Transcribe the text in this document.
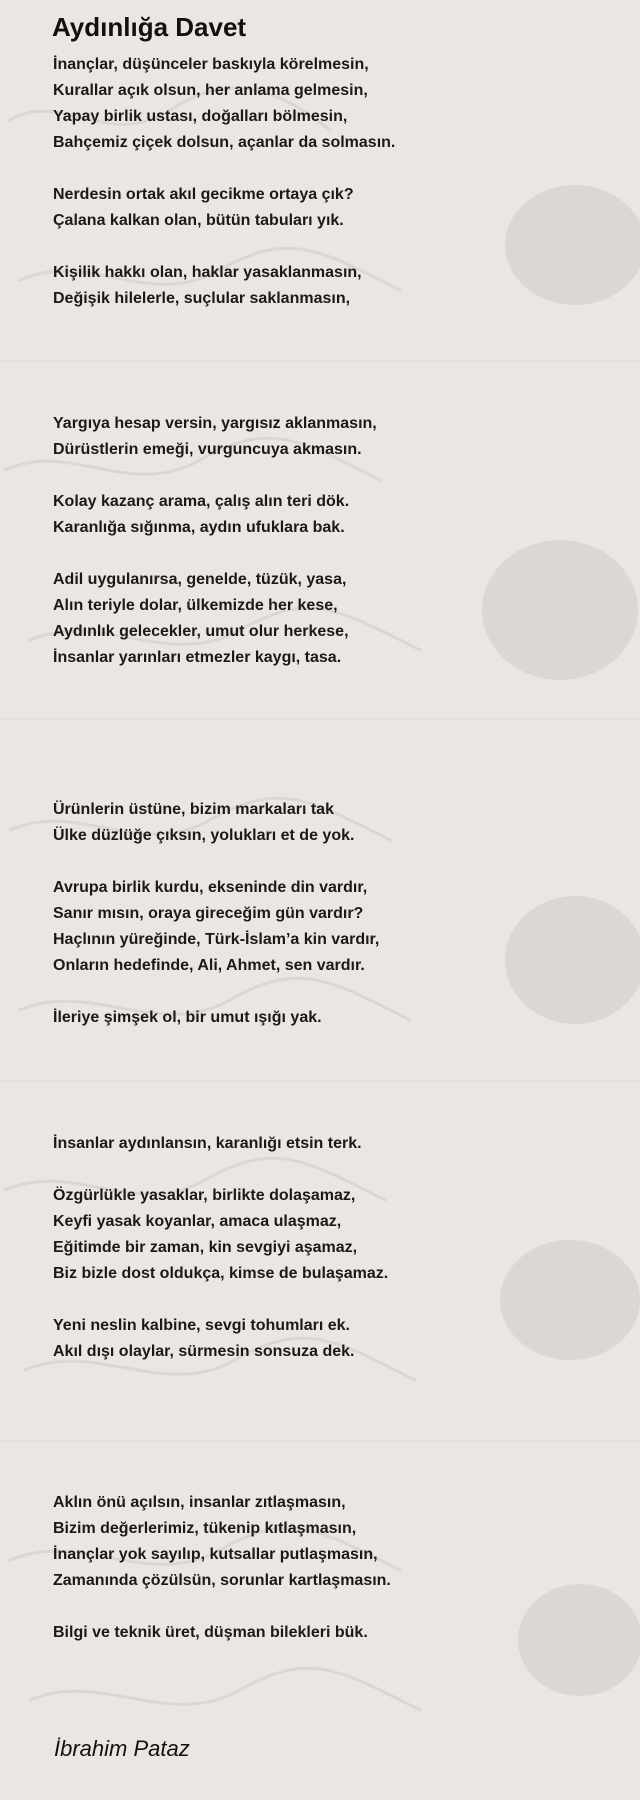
Aydınlığa Davet
İnançlar, düşünceler baskıyla körelmesin,
Kurallar açık olsun, her anlama gelmesin,
Yapay birlik ustası, doğalları bölmesin,
Bahçemiz çiçek dolsun, açanlar da solmasın.
Nerdesin ortak akıl gecikme ortaya çık?
Çalana kalkan olan, bütün tabuları yık.
Kişilik hakkı olan, haklar yasaklanmasın,
Değişik hilelerle, suçlular saklanmasın,
Yargıya hesap versin, yargısız aklanmasın,
Dürüstlerin emeği, vurguncuya akmasın.
Kolay kazanç arama, çalış alın teri dök.
Karanlığa sığınma, aydın ufuklara bak.
Adil uygulanırsa, genelde, tüzük, yasa,
Alın teriyle dolar, ülkemizde her kese,
Aydınlık gelecekler, umut olur herkese,
İnsanlar yarınları etmezler kaygı, tasa.
Ürünlerin üstüne, bizim markaları tak
Ülke düzlüğe çıksın, yolukları et de yok.
Avrupa birlik kurdu, ekseninde din vardır,
Sanır mısın, oraya gireceğim gün vardır?
Haçlının yüreğinde, Türk-İslam’a kin vardır,
Onların hedefinde, Ali, Ahmet, sen vardır.
İleriye şimşek ol, bir umut ışığı yak.
İnsanlar aydınlansın, karanlığı etsin terk.
Özgürlükle yasaklar, birlikte dolaşamaz,
Keyfi yasak koyanlar, amaca ulaşmaz,
Eğitimde bir zaman, kin sevgiyi aşamaz,
Biz bizle dost oldukça, kimse de bulaşamaz.
Yeni neslin kalbine, sevgi tohumları ek.
Akıl dışı olaylar, sürmesin sonsuza dek.
Aklın önü açılsın, insanlar zıtlaşmasın,
Bizim değerlerimiz, tükenip kıtlaşmasın,
İnançlar yok sayılıp, kutsallar putlaşmasın,
Zamanında çözülsün, sorunlar kartlaşmasın.
Bilgi ve teknik üret, düşman bilekleri bük.
İbrahim Pataz
